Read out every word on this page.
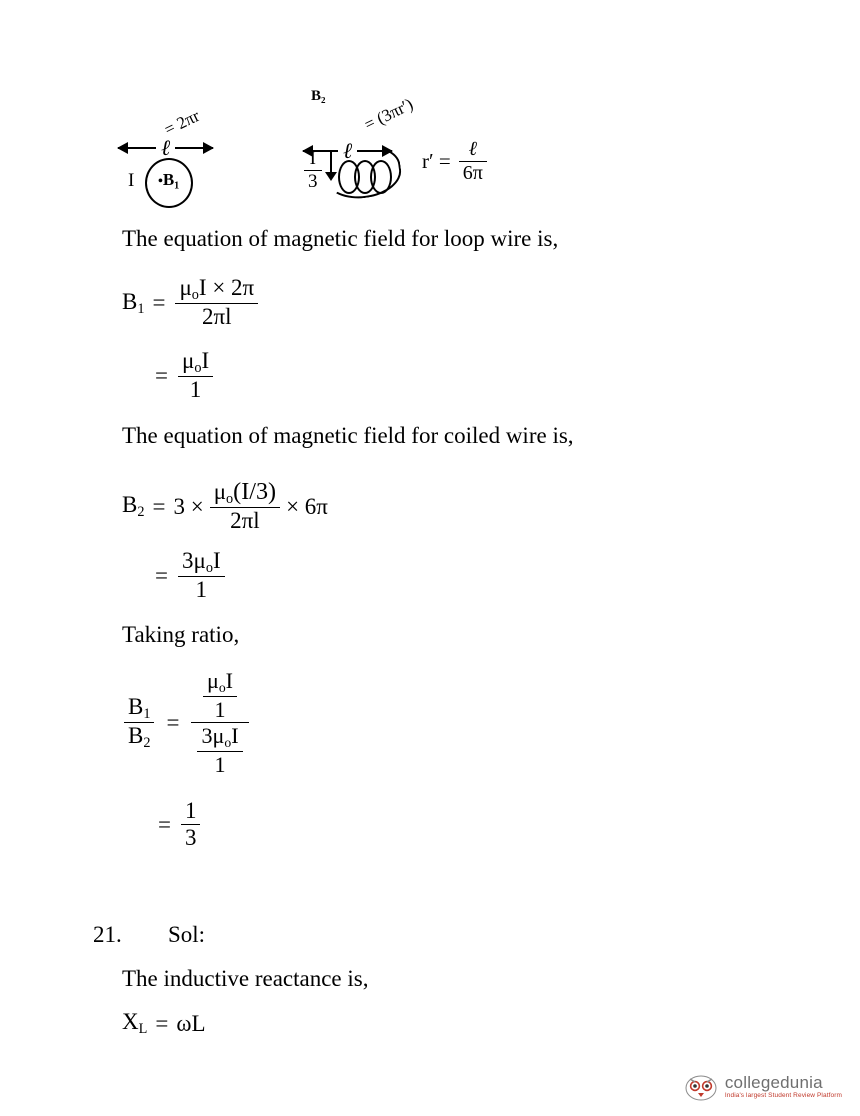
= 2πr
ℓ
I •B₁
B₂ = (3πr′)
ℓ
$\frac{I}{3}$	$r' = \frac{\text{ℓ}}{6\pi}$
The equation of magnetic field for loop wire is,
$B_1 = \frac{\mu_oI \times 2\pi}{2\pi l}$
= $\frac{\mu_oI}{1}$
The equation of magnetic field for coiled wire is,
$B_2 = 3 \times \frac{\mu_o(I/3)}{2\pi l} \times 6\pi$
= $\frac{3\mu_oI}{1}$
Taking ratio,
$\frac{B_1}{B_2} = \frac{\frac{\mu_oI}{1}}{\frac{3\mu_oI}{1}}$
= $\frac{1}{3}$
21. Sol:
The inductive reactance is,
$X_L = \omega L$
collegedunia
India's largest Student Review Platform
